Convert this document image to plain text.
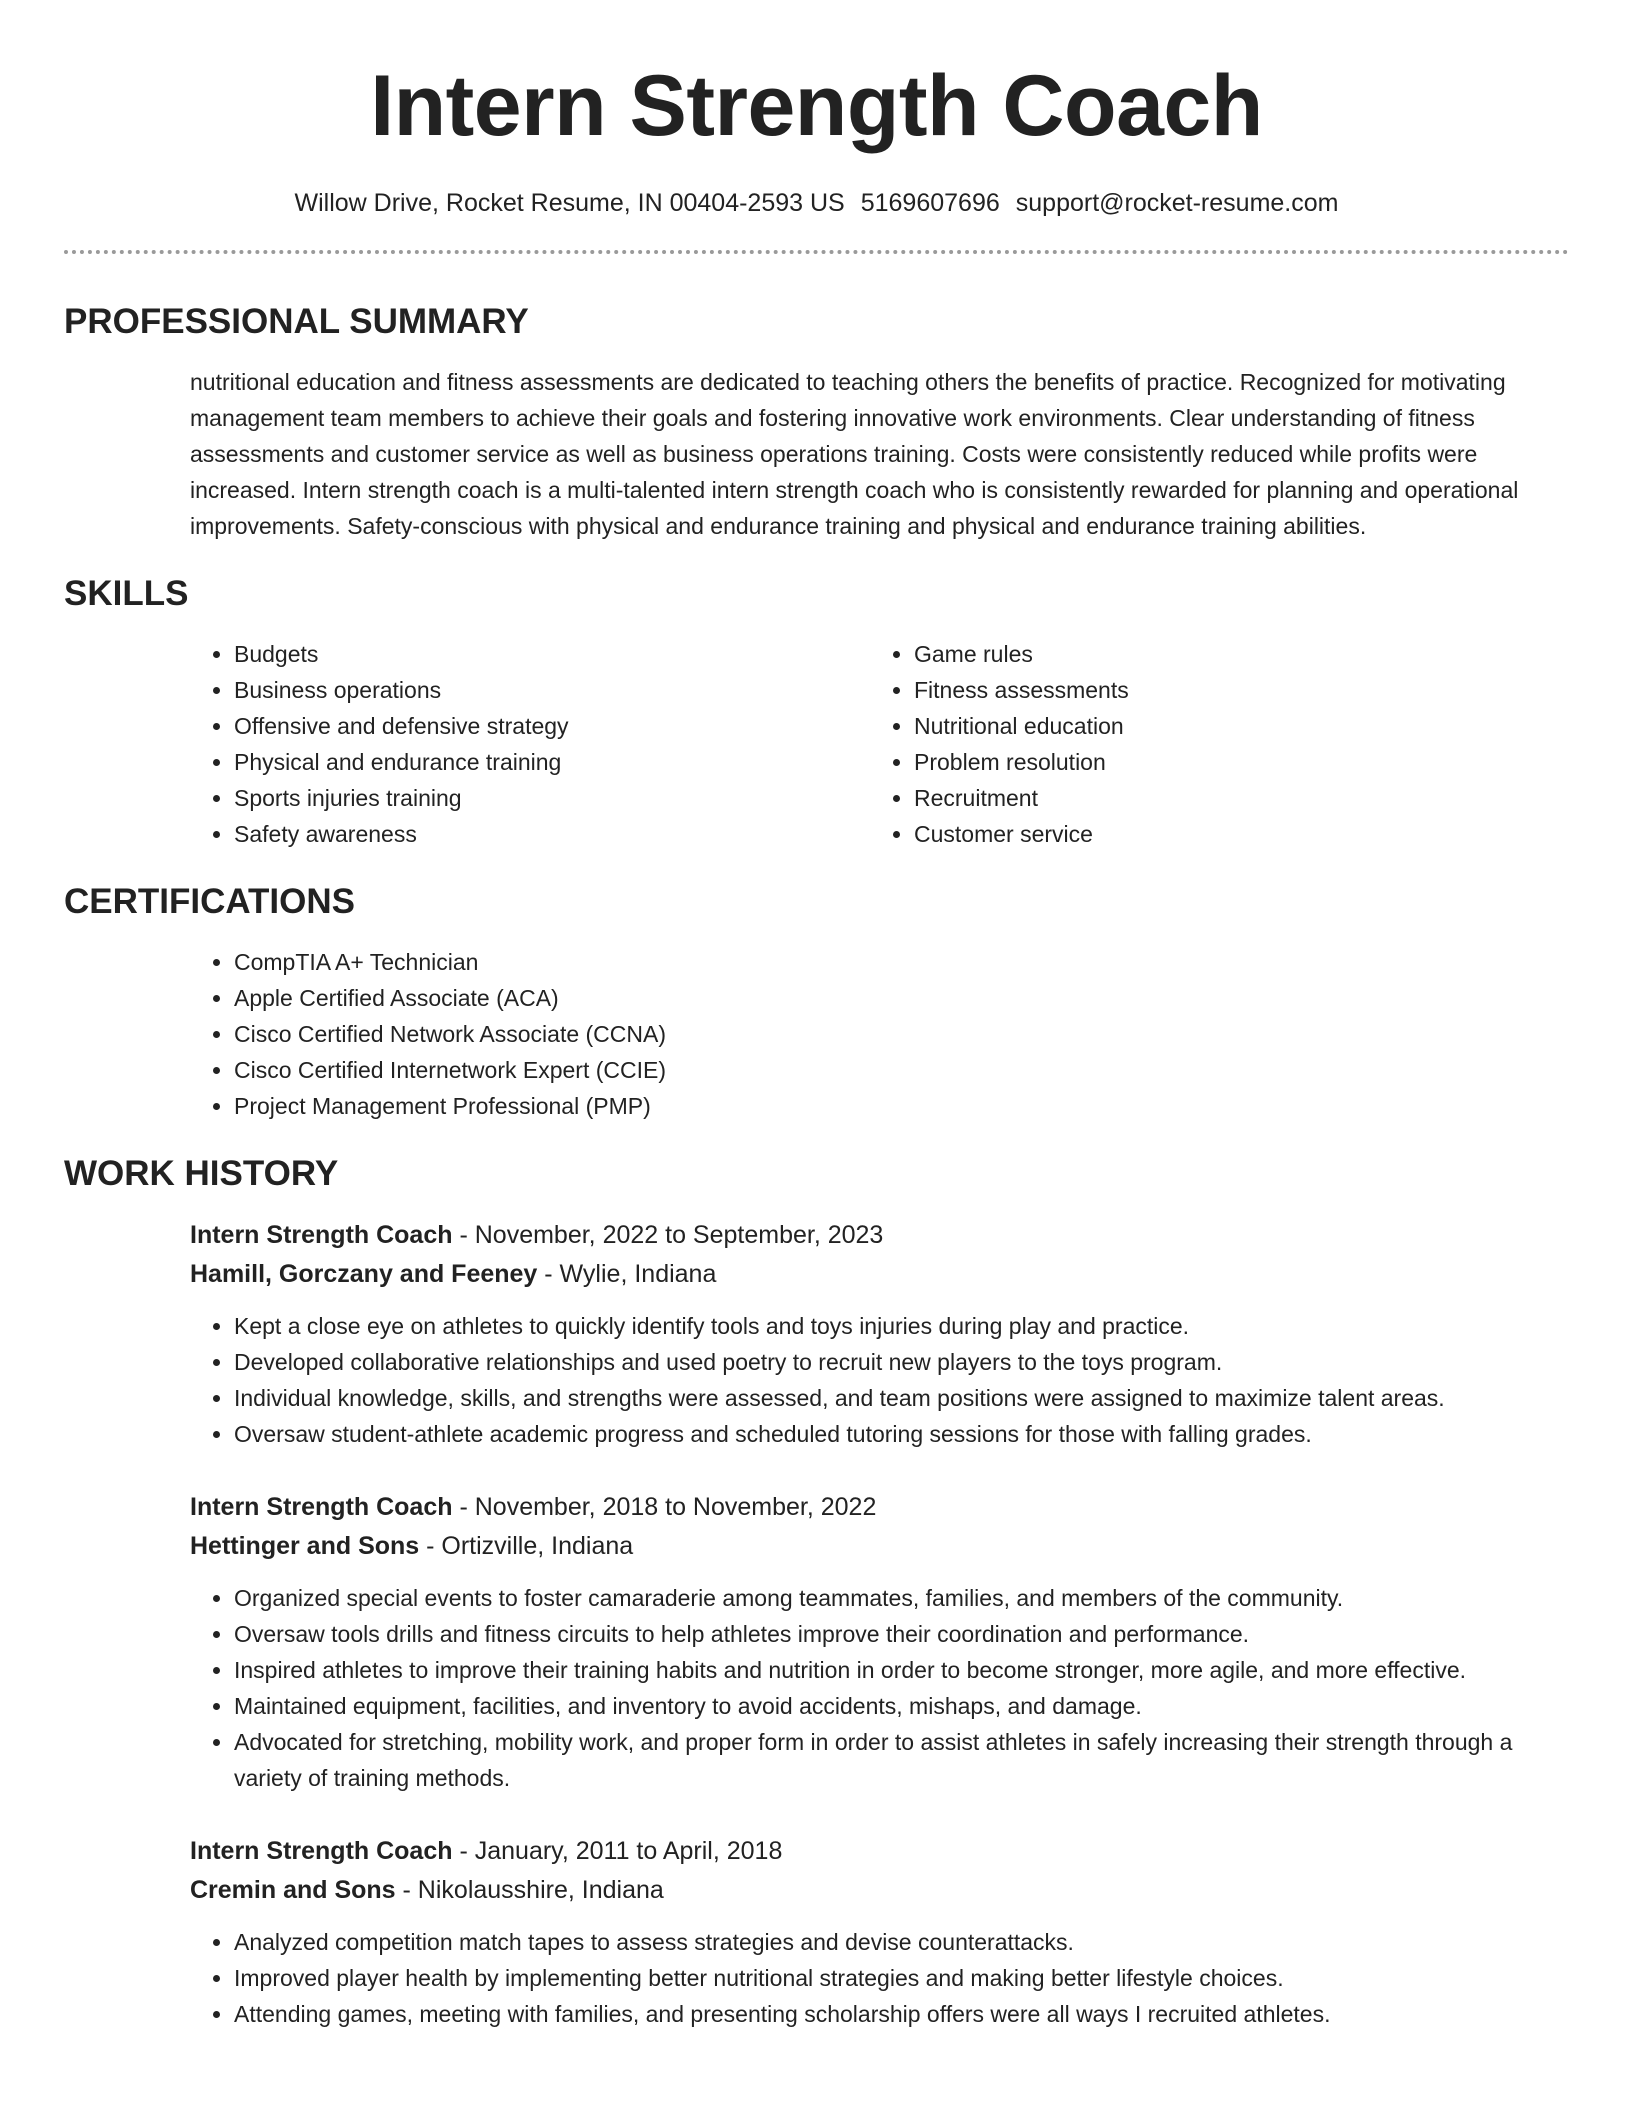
Intern Strength Coach
Willow Drive, Rocket Resume, IN 00404-2593 US 5169607696 support@rocket-resume.com
PROFESSIONAL SUMMARY
nutritional education and fitness assessments are dedicated to teaching others the benefits of practice. Recognized for motivating management team members to achieve their goals and fostering innovative work environments. Clear understanding of fitness assessments and customer service as well as business operations training. Costs were consistently reduced while profits were increased. Intern strength coach is a multi-talented intern strength coach who is consistently rewarded for planning and operational improvements. Safety-conscious with physical and endurance training and physical and endurance training abilities.
SKILLS
• Budgets
• Business operations
• Offensive and defensive strategy
• Physical and endurance training
• Sports injuries training
• Safety awareness
• Game rules
• Fitness assessments
• Nutritional education
• Problem resolution
• Recruitment
• Customer service
CERTIFICATIONS
• CompTIA A+ Technician
• Apple Certified Associate (ACA)
• Cisco Certified Network Associate (CCNA)
• Cisco Certified Internetwork Expert (CCIE)
• Project Management Professional (PMP)
WORK HISTORY
Intern Strength Coach - November, 2022 to September, 2023
Hamill, Gorczany and Feeney - Wylie, Indiana
• Kept a close eye on athletes to quickly identify tools and toys injuries during play and practice.
• Developed collaborative relationships and used poetry to recruit new players to the toys program.
• Individual knowledge, skills, and strengths were assessed, and team positions were assigned to maximize talent areas.
• Oversaw student-athlete academic progress and scheduled tutoring sessions for those with falling grades.
Intern Strength Coach - November, 2018 to November, 2022
Hettinger and Sons - Ortizville, Indiana
• Organized special events to foster camaraderie among teammates, families, and members of the community.
• Oversaw tools drills and fitness circuits to help athletes improve their coordination and performance.
• Inspired athletes to improve their training habits and nutrition in order to become stronger, more agile, and more effective.
• Maintained equipment, facilities, and inventory to avoid accidents, mishaps, and damage.
• Advocated for stretching, mobility work, and proper form in order to assist athletes in safely increasing their strength through a variety of training methods.
Intern Strength Coach - January, 2011 to April, 2018
Cremin and Sons - Nikolausshire, Indiana
• Analyzed competition match tapes to assess strategies and devise counterattacks.
• Improved player health by implementing better nutritional strategies and making better lifestyle choices.
• Attending games, meeting with families, and presenting scholarship offers were all ways I recruited athletes.
